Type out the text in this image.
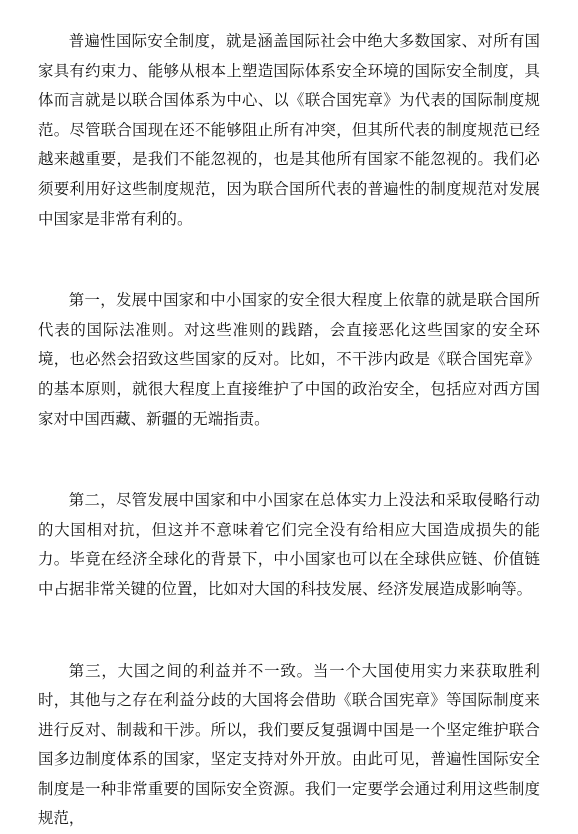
普遍性国际安全制度，就是涵盖国际社会中绝大多数国家、对所有国家具有约束力、能够从根本上塑造国际体系安全环境的国际安全制度，具体而言就是以联合国体系为中心、以《联合国宪章》为代表的国际制度规范。尽管联合国现在还不能够阻止所有冲突，但其所代表的制度规范已经越来越重要，是我们不能忽视的，也是其他所有国家不能忽视的。我们必须要利用好这些制度规范，因为联合国所代表的普遍性的制度规范对发展中国家是非常有利的。

第一，发展中国家和中小国家的安全很大程度上依靠的就是联合国所代表的国际法准则。对这些准则的践踏，会直接恶化这些国家的安全环境，也必然会招致这些国家的反对。比如，不干涉内政是《联合国宪章》的基本原则，就很大程度上直接维护了中国的政治安全，包括应对西方国家对中国西藏、新疆的无端指责。

第二，尽管发展中国家和中小国家在总体实力上没法和采取侵略行动的大国相对抗，但这并不意味着它们完全没有给相应大国造成损失的能力。毕竟在经济全球化的背景下，中小国家也可以在全球供应链、价值链中占据非常关键的位置，比如对大国的科技发展、经济发展造成影响等。

第三，大国之间的利益并不一致。当一个大国使用实力来获取胜利时，其他与之存在利益分歧的大国将会借助《联合国宪章》等国际制度来进行反对、制裁和干涉。所以，我们要反复强调中国是一个坚定维护联合国多边制度体系的国家，坚定支持对外开放。由此可见，普遍性国际安全制度是一种非常重要的国际安全资源。我们一定要学会通过利用这些制度规范，
